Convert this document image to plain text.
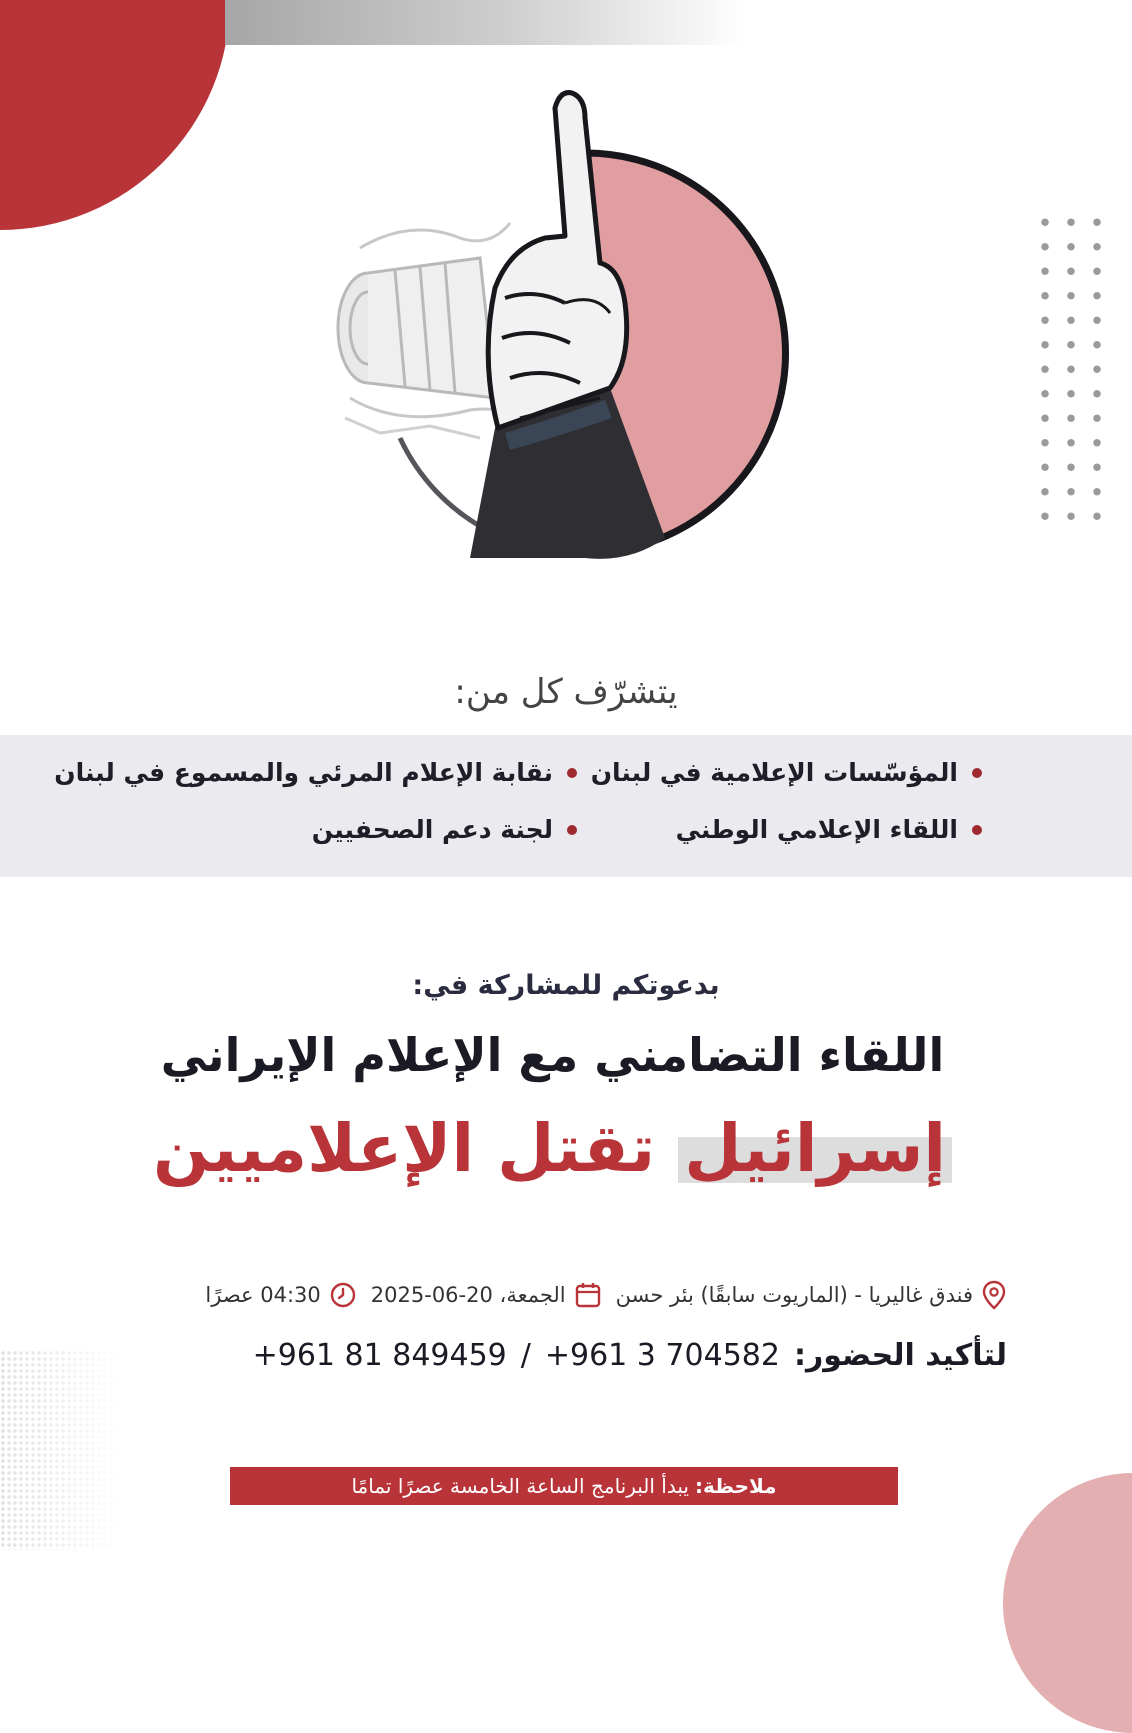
يتشرّف كل من:
المؤسّسات الإعلامية في لبنان
نقابة الإعلام المرئي والمسموع في لبنان
اللقاء الإعلامي الوطني
لجنة دعم الصحفيين
بدعوتكم للمشاركة في:
اللقاء التضامني مع الإعلام الإيراني
إسرائيل تقتل الإعلاميين
فندق غاليريا - (الماريوت سابقًا) بئر حسن
الجمعة، 20-06-2025
04:30 عصرًا
لتأكيد الحضور:
+961 3 704582
/
+961 81 849459
ملاحظة:
يبدأ البرنامج الساعة الخامسة عصرًا تمامًا
